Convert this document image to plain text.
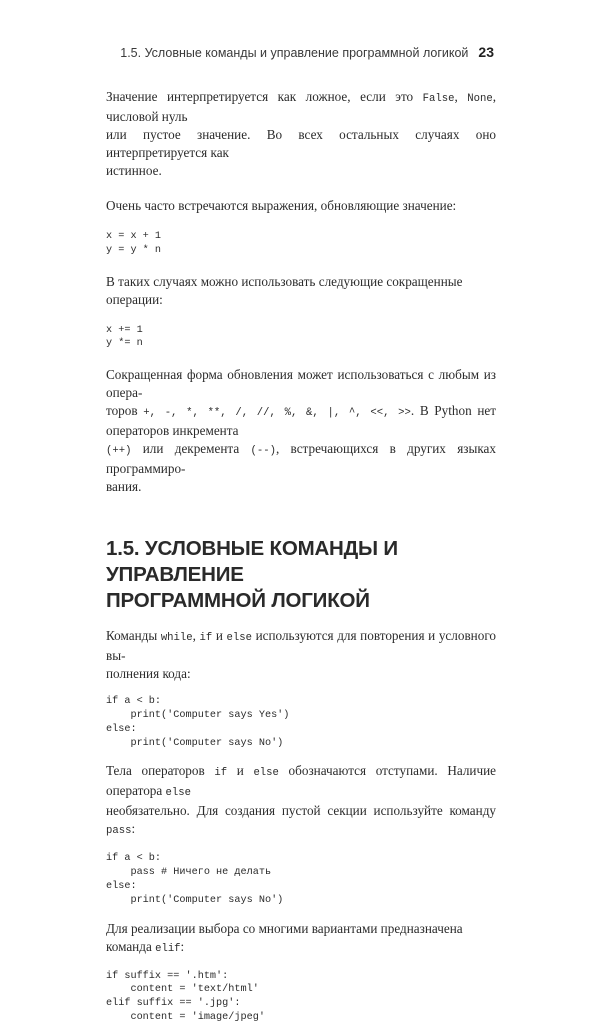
1.5. Условные команды и управление программной логикой 23

Значение интерпретируется как ложное, если это False, None, числовой нуль
или пустое значение. Во всех остальных случаях оно интерпретируется как
истинное.

Очень часто встречаются выражения, обновляющие значение:

x = x + 1
y = y * n

В таких случаях можно использовать следующие сокращенные операции:

x += 1
y *= n

Сокращенная форма обновления может использоваться с любым из опера-
торов +, -, *, **, /, //, %, &, |, ^, <<, >>. В Python нет операторов инкремента
(++) или декремента (--), встречающихся в других языках программиро-
вания.

1.5. УСЛОВНЫЕ КОМАНДЫ И УПРАВЛЕНИЕ
ПРОГРАММНОЙ ЛОГИКОЙ

Команды while, if и else используются для повторения и условного вы-
полнения кода:

if a < b:
print('Computer says Yes')
else:
print('Computer says No')

Тела операторов if и else обозначаются отступами. Наличие оператора else
необязательно. Для создания пустой секции используйте команду pass:

if a < b:
pass # Ничего не делать
else:
print('Computer says No')

Для реализации выбора со многими вариантами предназначена команда elif:

if suffix == '.htm':
content = 'text/html'
elif suffix == '.jpg':
content = 'image/jpeg'
